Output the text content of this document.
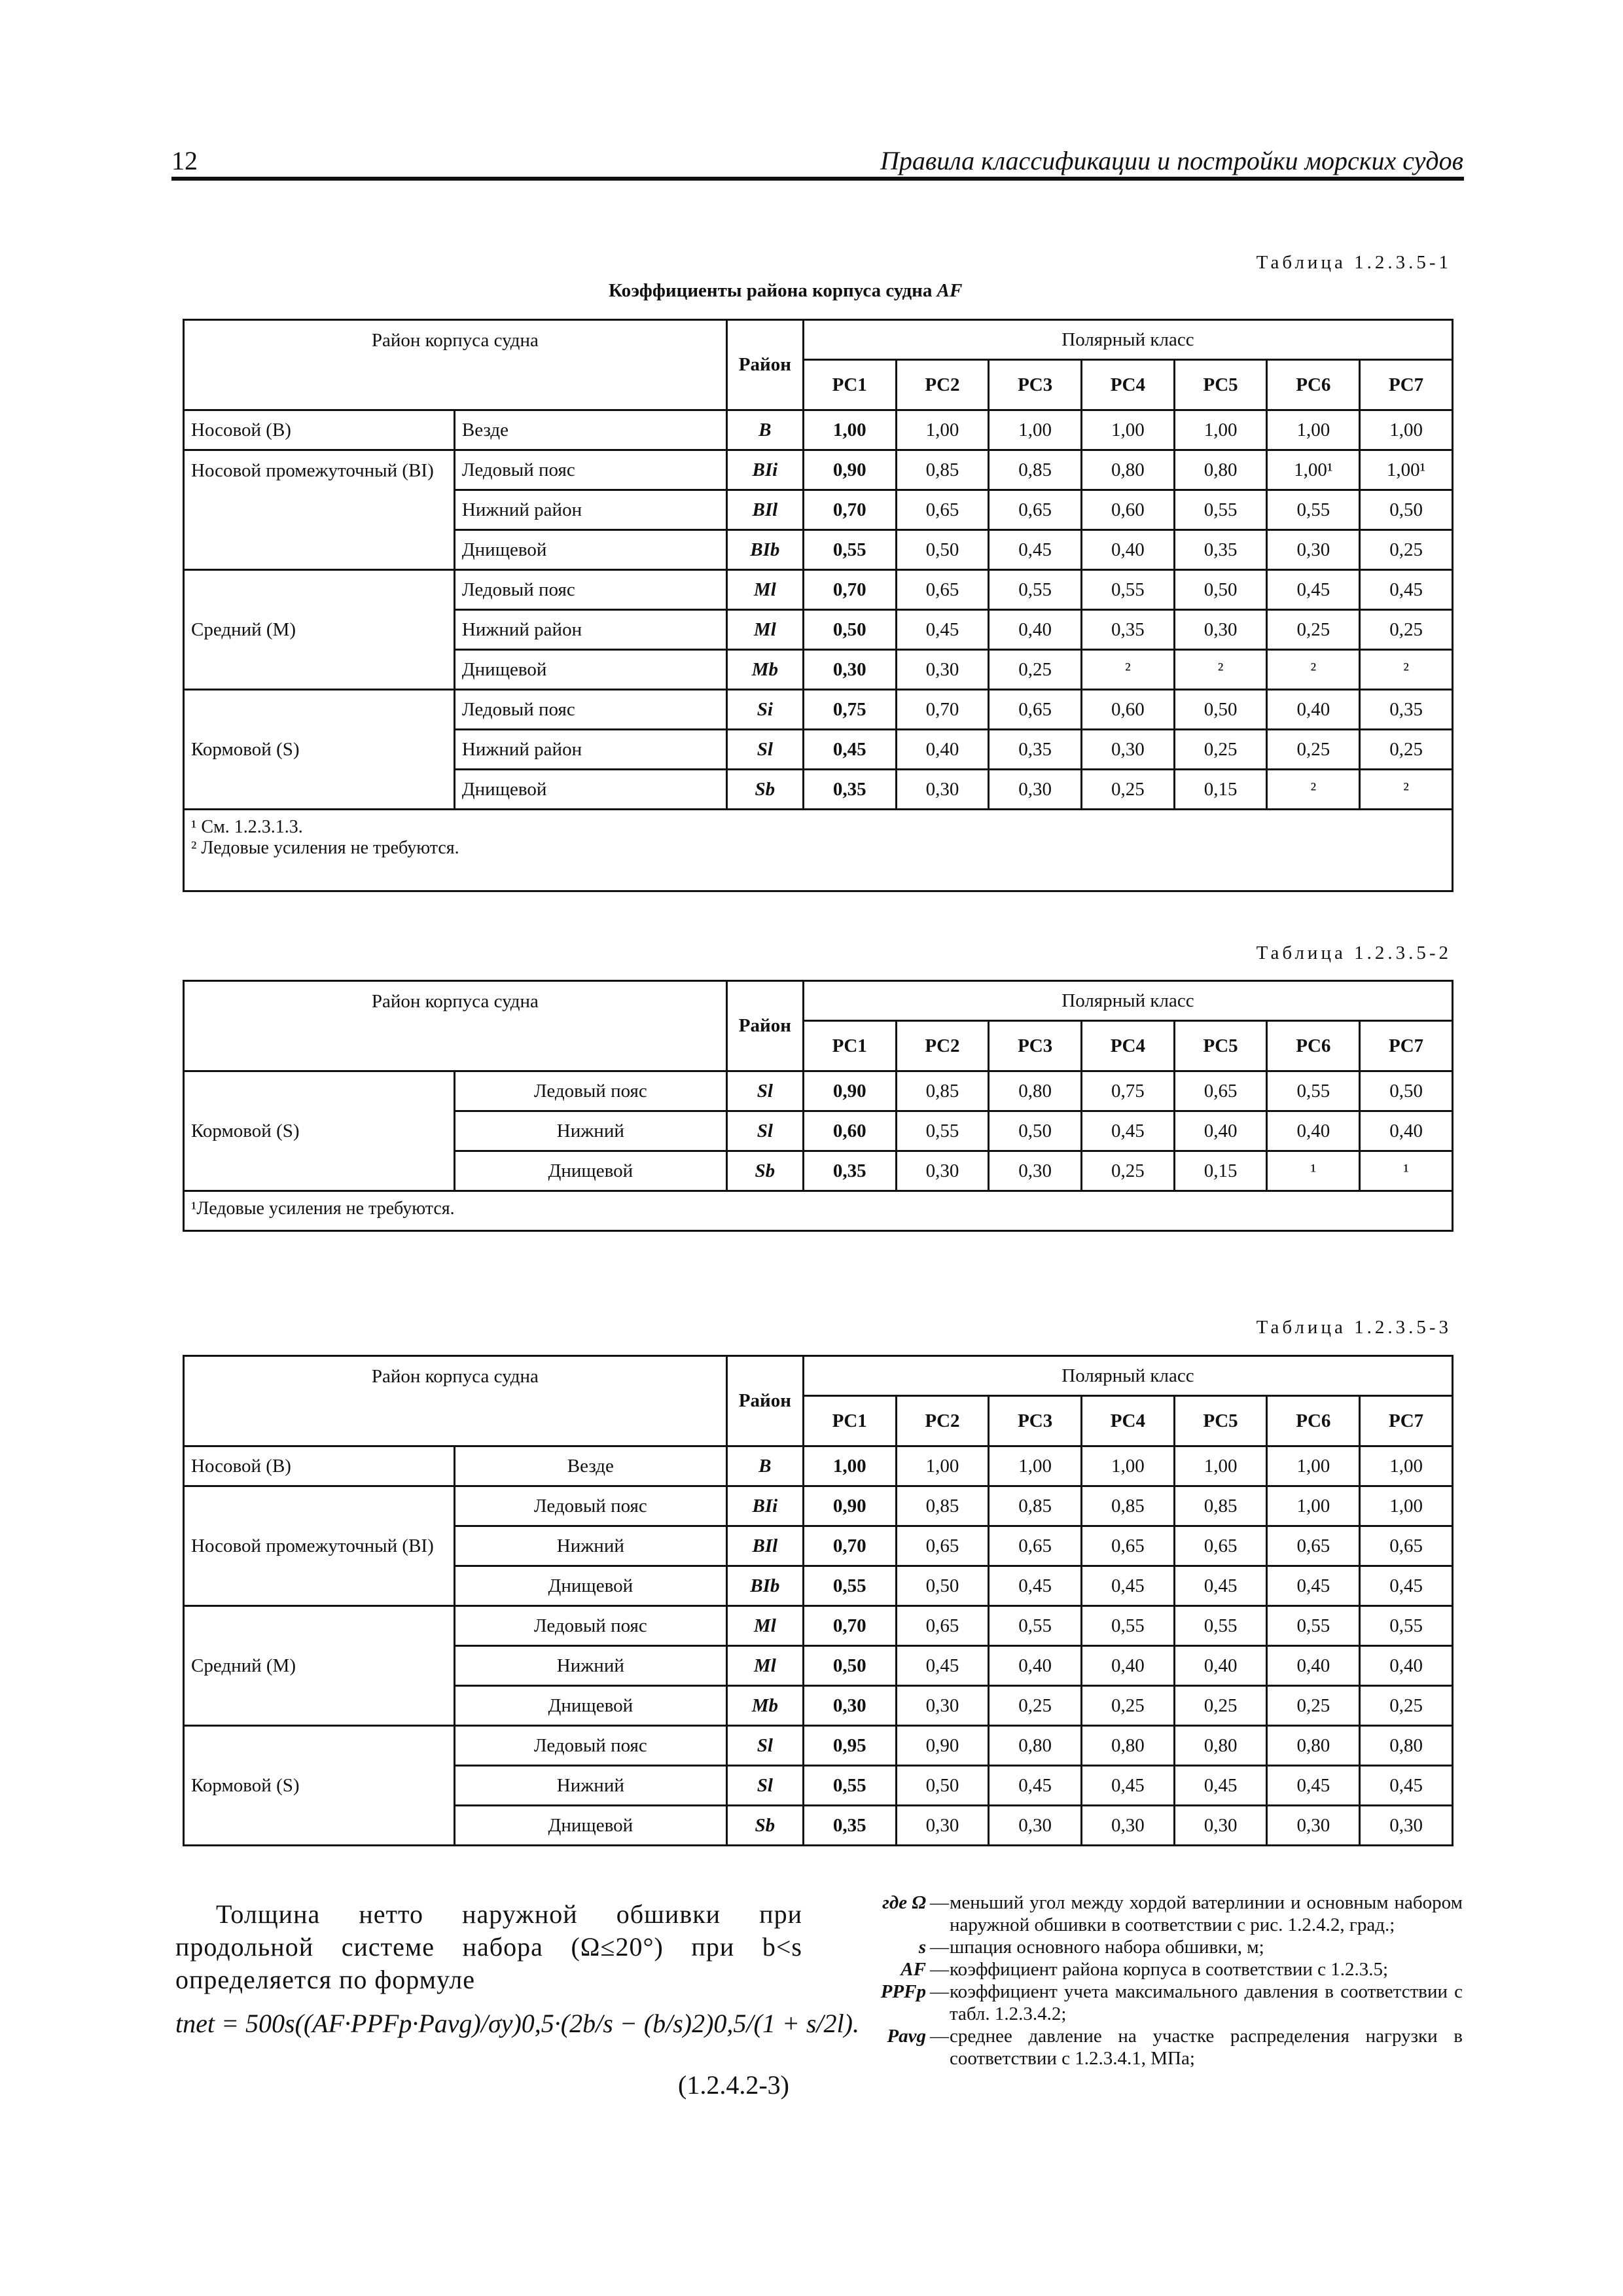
12	Правила классификации и постройки морских судов
Таблица 1.2.3.5-1
Коэффициенты района корпуса судна AF
Район корпуса судна		Район	Полярный класс						
			PC1	PC2	PC3	PC4	PC5	PC6	PC7
Носовой (B)	Везде	B	1,00	1,00	1,00	1,00	1,00	1,00	1,00
Носовой промежуточный (BI)	Ледовый пояс	BIi	0,90	0,85	0,85	0,80	0,80	1,00¹	1,00¹
	Нижний район	BIl	0,70	0,65	0,65	0,60	0,55	0,55	0,50
	Днищевой	BIb	0,55	0,50	0,45	0,40	0,35	0,30	0,25
Средний (M)	Ледовый пояс	Ml	0,70	0,65	0,55	0,55	0,50	0,45	0,45
	Нижний район	Ml	0,50	0,45	0,40	0,35	0,30	0,25	0,25
	Днищевой	Mb	0,30	0,30	0,25	²	²	²	²
Кормовой (S)	Ледовый пояс	Si	0,75	0,70	0,65	0,60	0,50	0,40	0,35
	Нижний район	Sl	0,45	0,40	0,35	0,30	0,25	0,25	0,25
	Днищевой	Sb	0,35	0,30	0,30	0,25	0,15	²	²

¹ См. 1.2.3.1.3.
² Ледовые усиления не требуются.									
Таблица 1.2.3.5-2
Район корпуса судна		Район	Полярный класс						
			PC1	PC2	PC3	PC4	PC5	PC6	PC7
Кормовой (S)	Ледовый пояс	Sl	0,90	0,85	0,80	0,75	0,65	0,55	0,50
	Нижний	Sl	0,60	0,55	0,50	0,45	0,40	0,40	0,40
	Днищевой	Sb	0,35	0,30	0,30	0,25	0,15	¹	¹

¹Ледовые усиления не требуются.									
Таблица 1.2.3.5-3
Район корпуса судна		Район	Полярный класс						
			PC1	PC2	PC3	PC4	PC5	PC6	PC7
Носовой (B)	Везде	B	1,00	1,00	1,00	1,00	1,00	1,00	1,00
Носовой промежуточный (BI)	Ледовый пояс	BIi	0,90	0,85	0,85	0,85	0,85	1,00	1,00
	Нижний	BIl	0,70	0,65	0,65	0,65	0,65	0,65	0,65
	Днищевой	BIb	0,55	0,50	0,45	0,45	0,45	0,45	0,45
Средний (M)	Ледовый пояс	Ml	0,70	0,65	0,55	0,55	0,55	0,55	0,55
	Нижний	Ml	0,50	0,45	0,40	0,40	0,40	0,40	0,40
	Днищевой	Mb	0,30	0,30	0,25	0,25	0,25	0,25	0,25
Кормовой (S)	Ледовый пояс	Sl	0,95	0,90	0,80	0,80	0,80	0,80	0,80
	Нижний	Sl	0,55	0,50	0,45	0,45	0,45	0,45	0,45
	Днищевой	Sb	0,35	0,30	0,30	0,30	0,30	0,30	0,30

Толщина нетто наружной обшивки при продольной системе набора (Ω≤20°) при b<s определяется по формуле

tnet = 500s((AF·PPFp·Pavg)/σy)0,5·(2b/s − (b/s)2)0,5/(1 + s/2l).
(1.2.4.2-3)
где Ω — меньший угол между хордой ватерлинии и основным набором наружной обшивки в соответствии с рис. 1.2.4.2, град.;
s — шпация основного набора обшивки, м;
AF — коэффициент района корпуса в соответствии с 1.2.3.5;
PPFp — коэффициент учета максимального давления в соответствии с табл. 1.2.3.4.2;
Pavg — среднее давление на участке распределения нагрузки в соответствии с 1.2.3.4.1, МПа;
